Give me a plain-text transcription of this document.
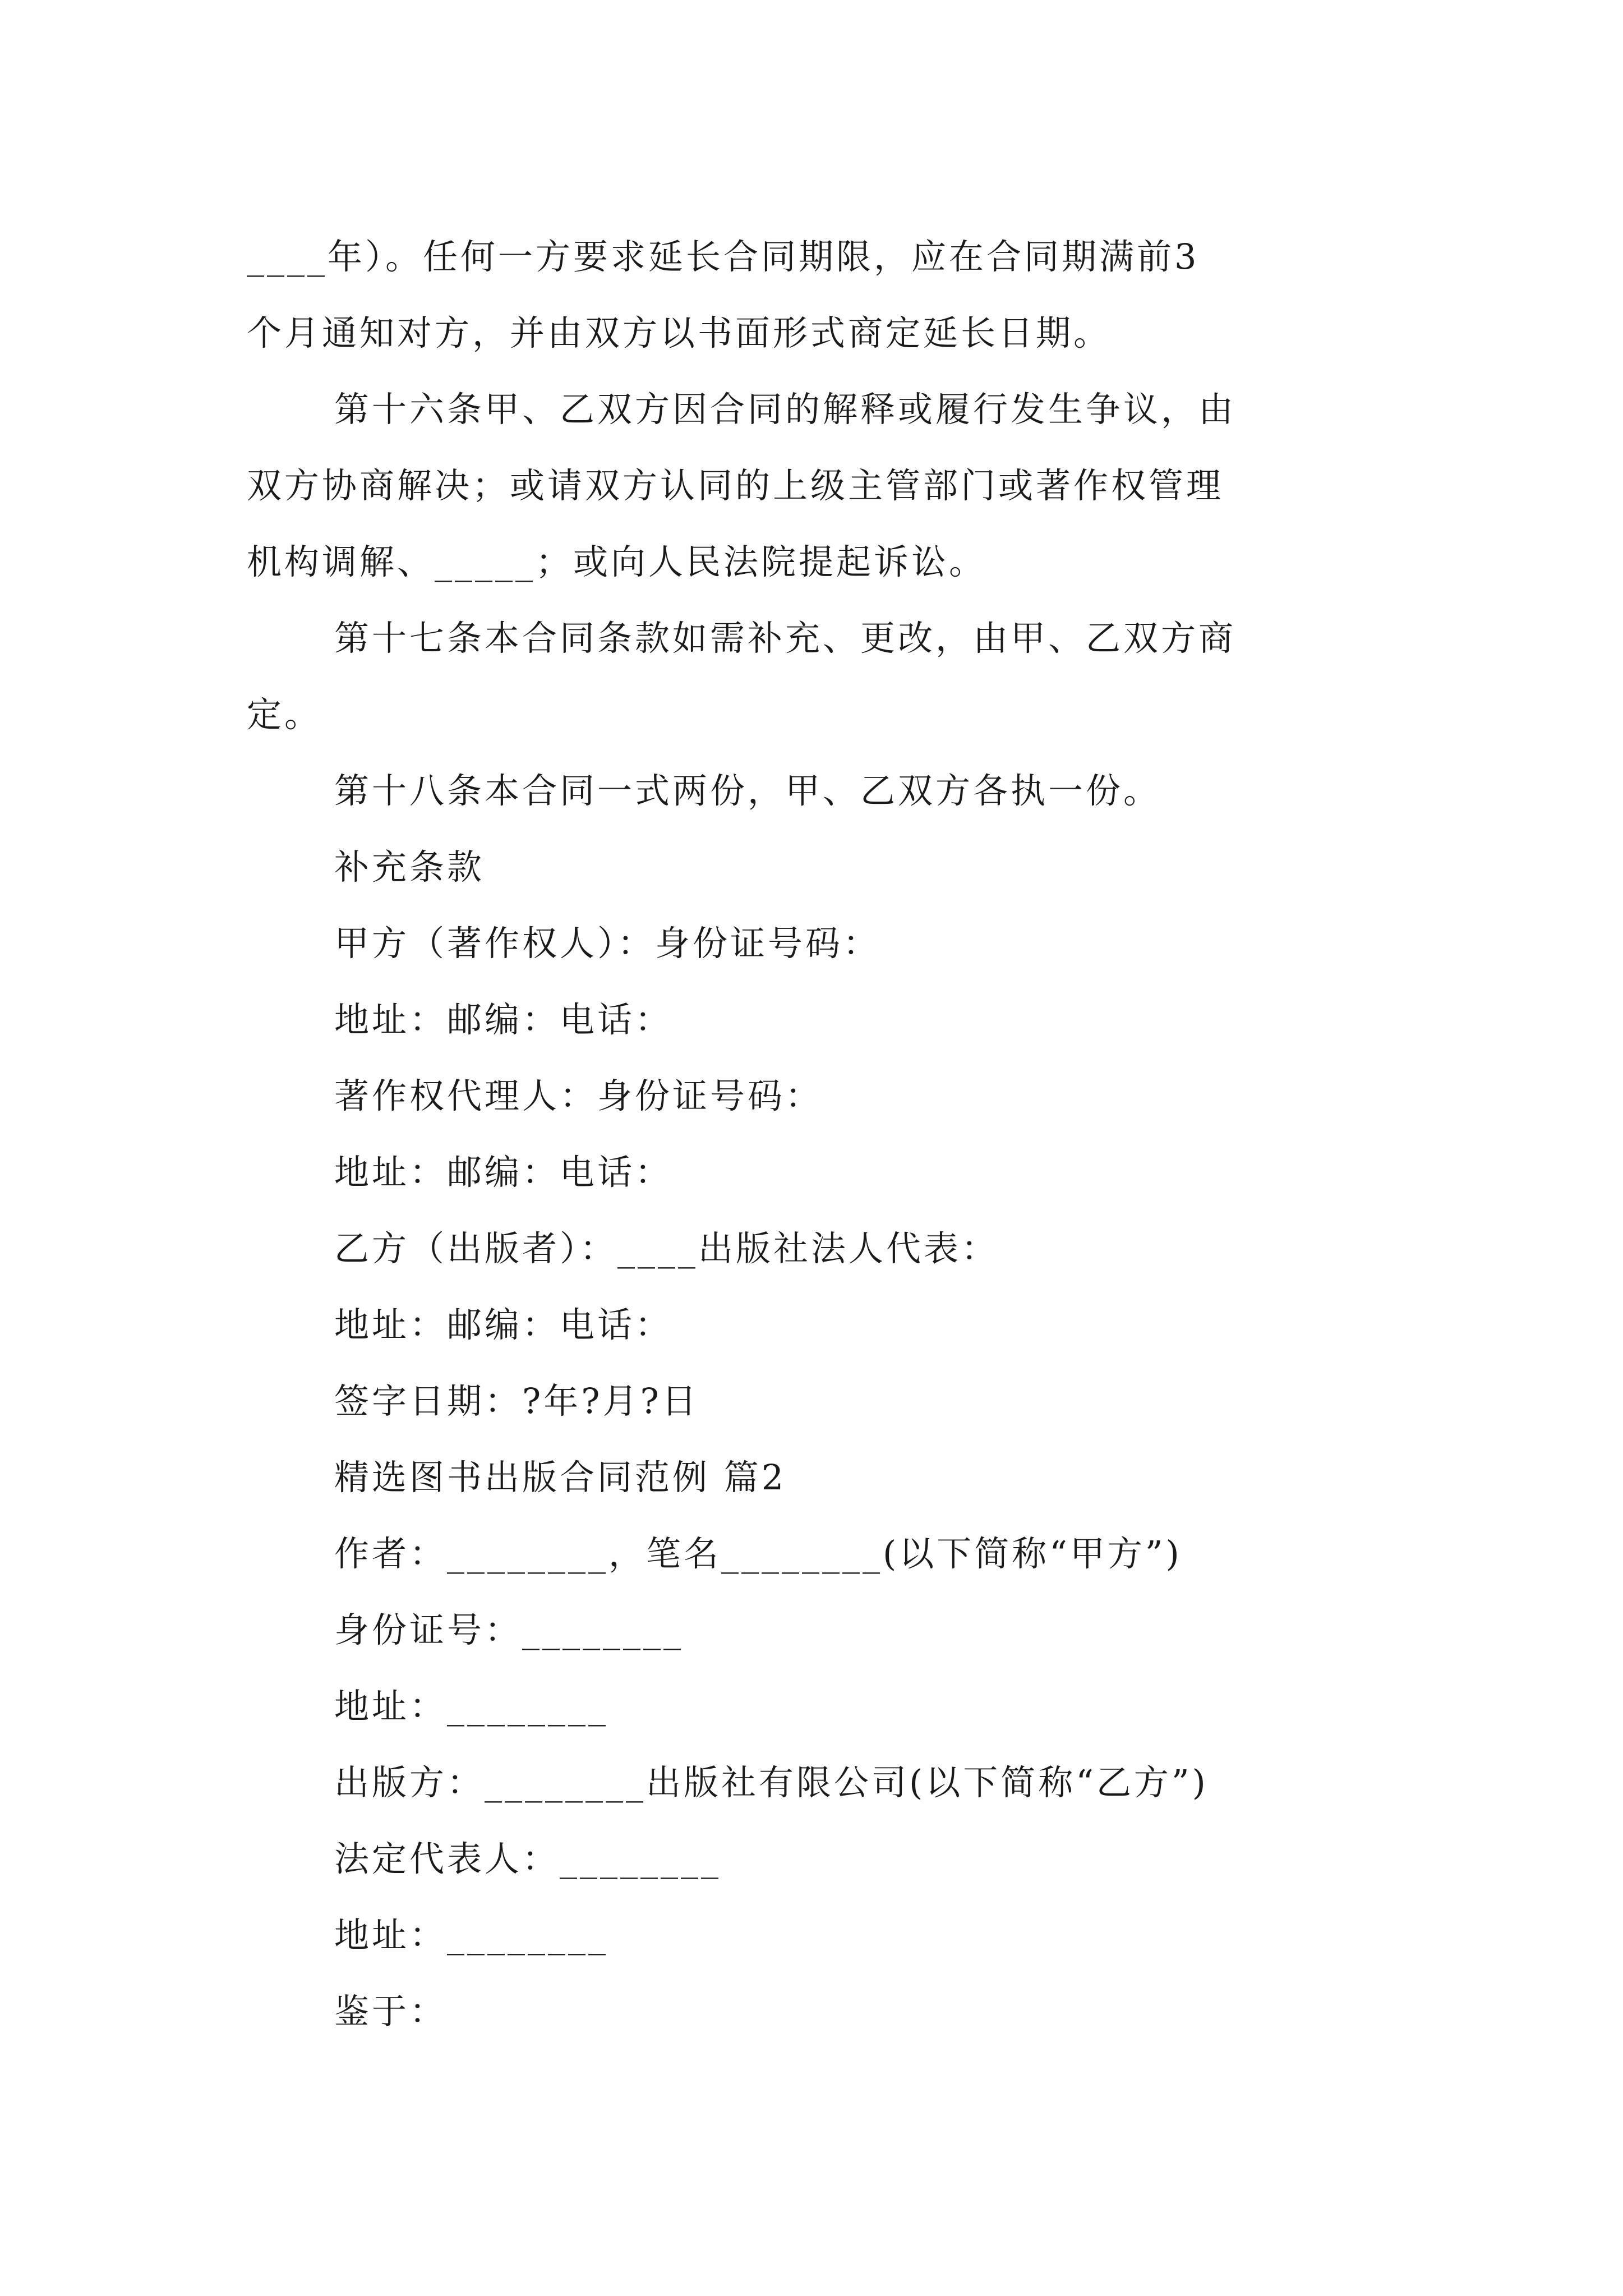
____年）。任何一方要求延长合同期限，应在合同期满前3
个月通知对方，并由双方以书面形式商定延长日期。
第十六条甲、乙双方因合同的解释或履行发生争议，由
双方协商解决；或请双方认同的上级主管部门或著作权管理
机构调解、_____；或向人民法院提起诉讼。
第十七条本合同条款如需补充、更改，由甲、乙双方商
定。
第十八条本合同一式两份，甲、乙双方各执一份。
补充条款
甲方（著作权人）：身份证号码：
地址：邮编：电话：
著作权代理人：身份证号码：
地址：邮编：电话：
乙方（出版者）：____出版社法人代表：
地址：邮编：电话：
签字日期：?年?月?日
精选图书出版合同范例 篇2
作者：________，笔名________(以下简称“甲方”)
身份证号：________
地址：________
出版方：________出版社有限公司(以下简称“乙方”)
法定代表人：________
地址：________
鉴于：
